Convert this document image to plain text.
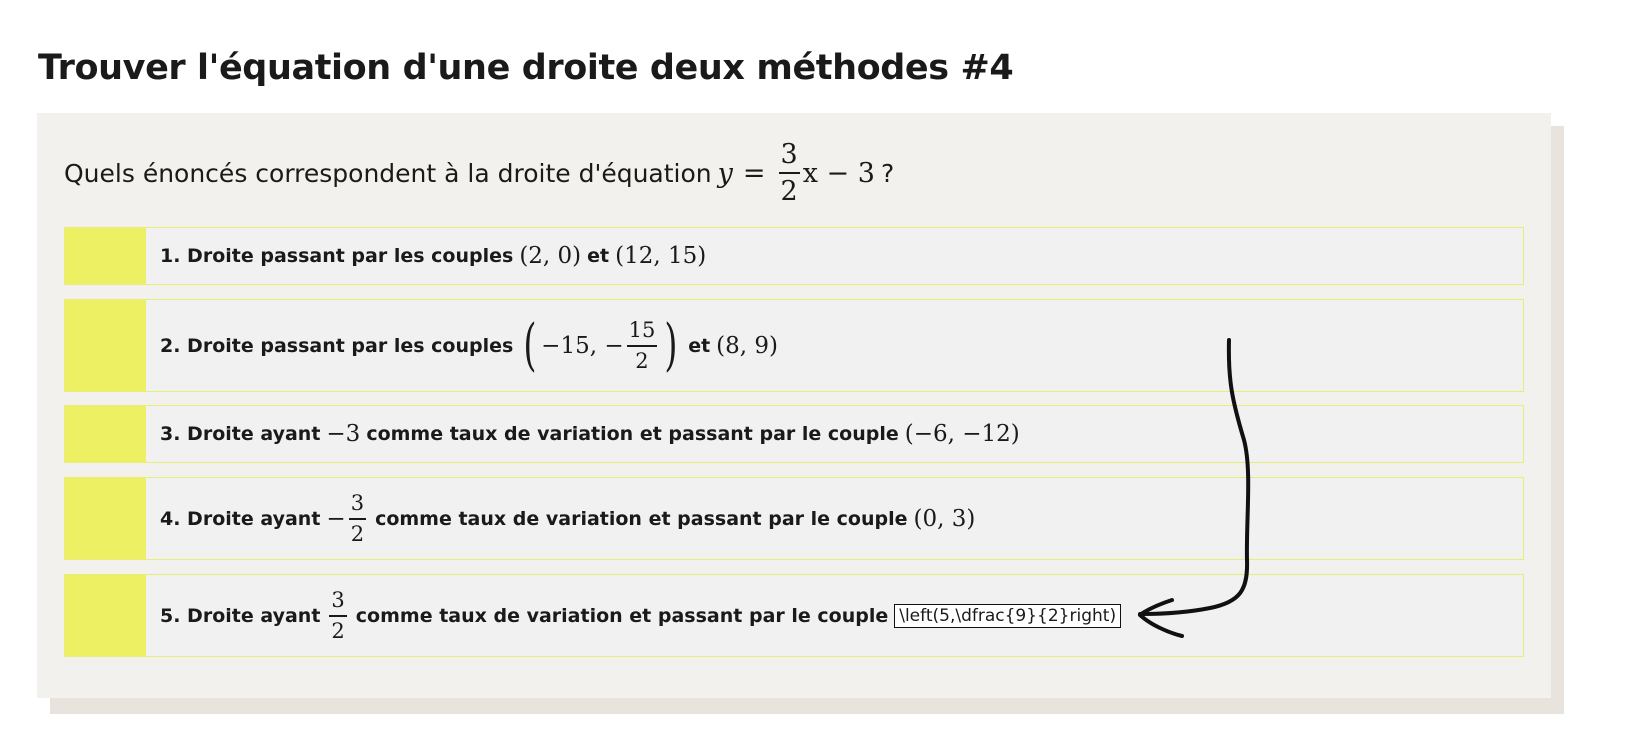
Trouver l'équation d'une droite deux méthodes #4
Quels énoncés correspondent à la droite d'équation $y = \frac{3}{2}$ x − 3 ?
1. Droite passant par les couples (2, 0) et (12, 15)
2. Droite passant par les couples ( −15, − $\frac{15}{2}$ ) et (8, 9)
3. Droite ayant −3 comme taux de variation et passant par le couple (−6, −12)
4. Droite ayant − $\frac{3}{2}$ comme taux de variation et passant par le couple (0, 3)
5. Droite ayant $\frac{3}{2}$ comme taux de variation et passant par le couple \left(5,\dfrac{9}{2}right)
